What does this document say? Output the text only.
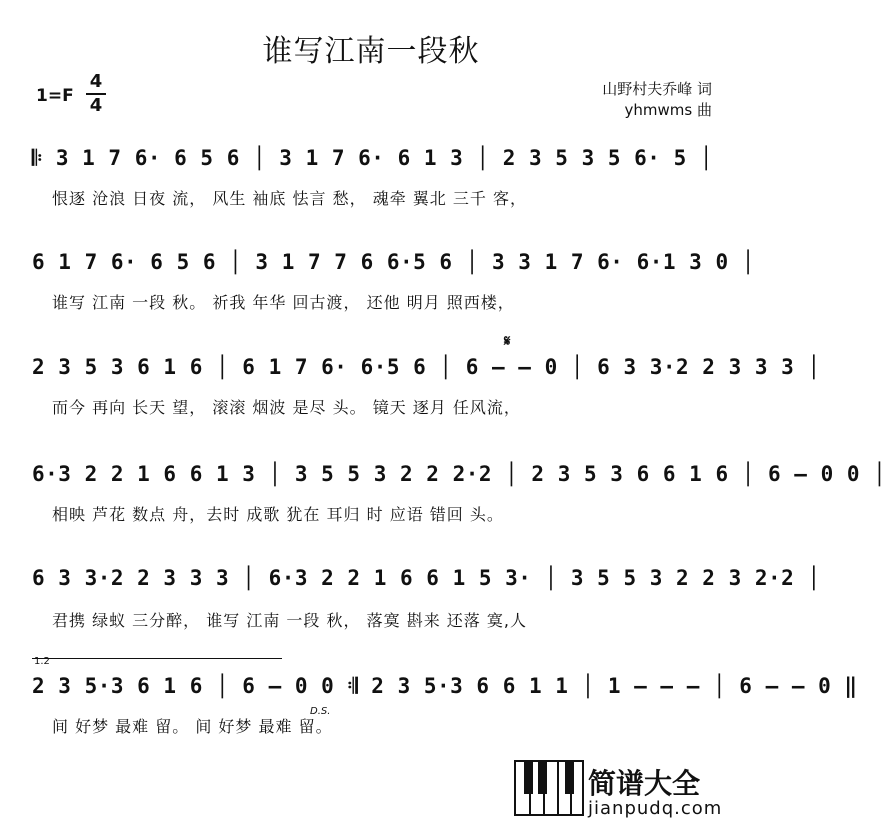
谁写江南一段秋
1=F
4
4
山野村夫乔峰 词
yhmwms 曲
𝄆 3 1 7 6· 6 5 6 │ 3 1 7 6· 6 1 3 │ 2 3 5 3 5 6· 5 │
恨逐 沧浪 日夜 流， 风生 袖底 怯言 愁， 魂牵 翼北 三千 客，
6 1 7 6· 6 5 6 │ 3 1 7 7 6 6·5 6 │ 3 3 1 7 6· 6·1 3 0 │
谁写 江南 一段 秋。 祈我 年华 回古渡， 还他 明月 照西楼，
𝄋
2 3 5 3 6 1 6 │ 6 1 7 6· 6·5 6 │ 6 – – 0 │ 6 3 3·2 2 3 3 3 │
而今 再向 长天 望， 滚滚 烟波 是尽 头。 镜天 逐月 任风流，
6·3 2 2 1 6 6 1 3 │ 3 5 5 3 2 2 2·2 │ 2 3 5 3 6 6 1 6 │ 6 – 0 0 │
相映 芦花 数点 舟，去时 成歌 犹在 耳归 时 应语 错回 头。
6 3 3·2 2 3 3 3 │ 6·3 2 2 1 6 6 1 5 3· │ 3 5 5 3 2 2 3 2·2 │
君携 绿蚁 三分醉， 谁写 江南 一段 秋， 落寞 斟来 还落 寞,人
1.2
2 3 5·3 6 1 6 │ 6 – 0 0 𝄇 2 3 5·3 6 6 1 1 │ 1 – – – │ 6 – – 0 ‖
D.S.
间 好梦 最难 留。 间 好梦 最难 留。
简谱大全
jianpudq.com
